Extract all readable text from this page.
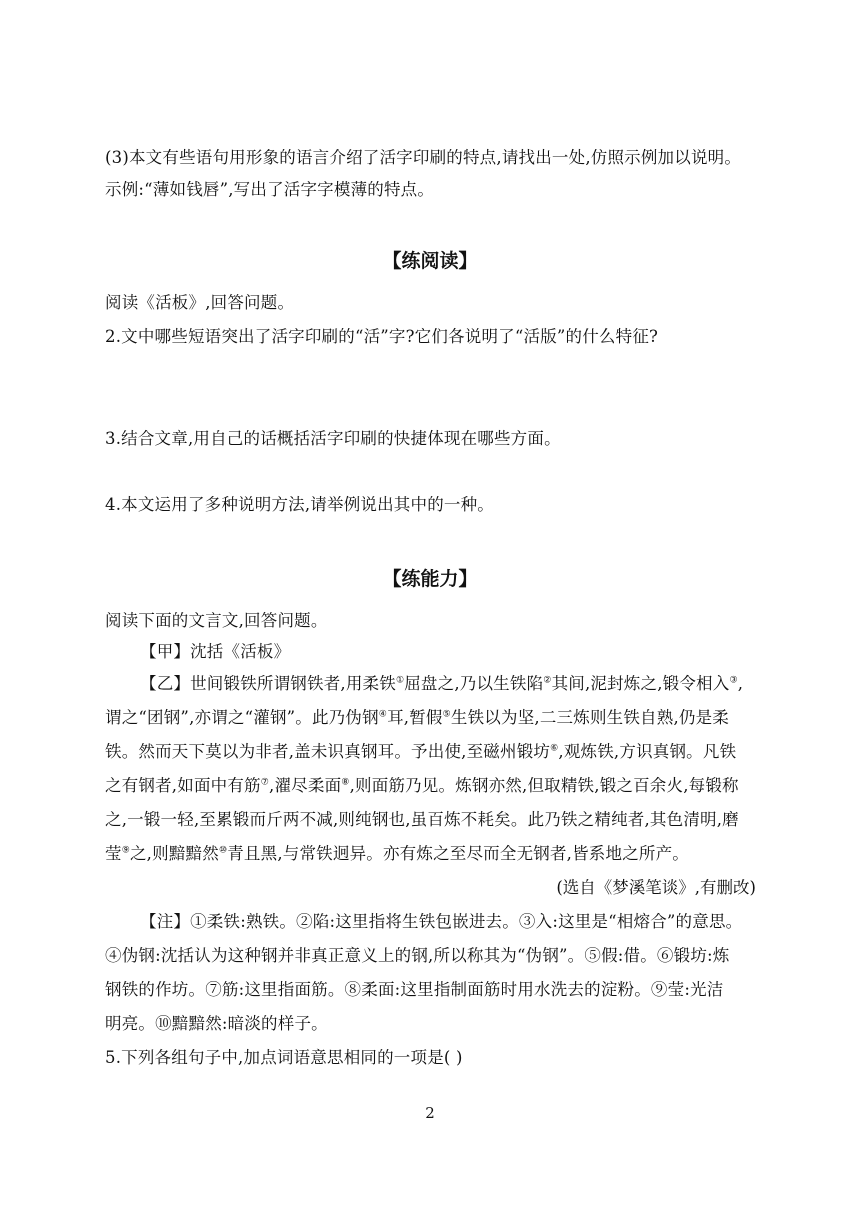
(3)本文有些语句用形象的语言介绍了活字印刷的特点,请找出一处,仿照示例加以说明。
示例:“薄如钱唇”,写出了活字字模薄的特点。
【练阅读】
阅读《活板》,回答问题。
2.文中哪些短语突出了活字印刷的“活”字?它们各说明了“活版”的什么特征?
3.结合文章,用自己的话概括活字印刷的快捷体现在哪些方面。
4.本文运用了多种说明方法,请举例说出其中的一种。
【练能力】
阅读下面的文言文,回答问题。
【甲】沈括《活板》
【乙】世间锻铁所谓钢铁者,用柔铁①屈盘之,乃以生铁陷②其间,泥封炼之,锻令相入③,
谓之“团钢”,亦谓之“灌钢”。此乃伪钢④耳,暂假⑤生铁以为坚,二三炼则生铁自熟,仍是柔
铁。然而天下莫以为非者,盖未识真钢耳。予出使,至磁州锻坊⑥,观炼铁,方识真钢。凡铁
之有钢者,如面中有筋⑦,濯尽柔面⑧,则面筋乃见。炼钢亦然,但取精铁,锻之百余火,每锻称
之,一锻一轻,至累锻而斤两不减,则纯钢也,虽百炼不耗矣。此乃铁之精纯者,其色清明,磨
莹⑨之,则黯黯然⑩青且黑,与常铁迥异。亦有炼之至尽而全无钢者,皆系地之所产。
(选自《梦溪笔谈》,有删改)
【注】①柔铁:熟铁。②陷:这里指将生铁包嵌进去。③入:这里是“相熔合”的意思。
④伪钢:沈括认为这种钢并非真正意义上的钢,所以称其为“伪钢”。⑤假:借。⑥锻坊:炼
钢铁的作坊。⑦筋:这里指面筋。⑧柔面:这里指制面筋时用水洗去的淀粉。⑨莹:光洁
明亮。⑩黯黯然:暗淡的样子。
5.下列各组句子中,加点词语意思相同的一项是( )
2
